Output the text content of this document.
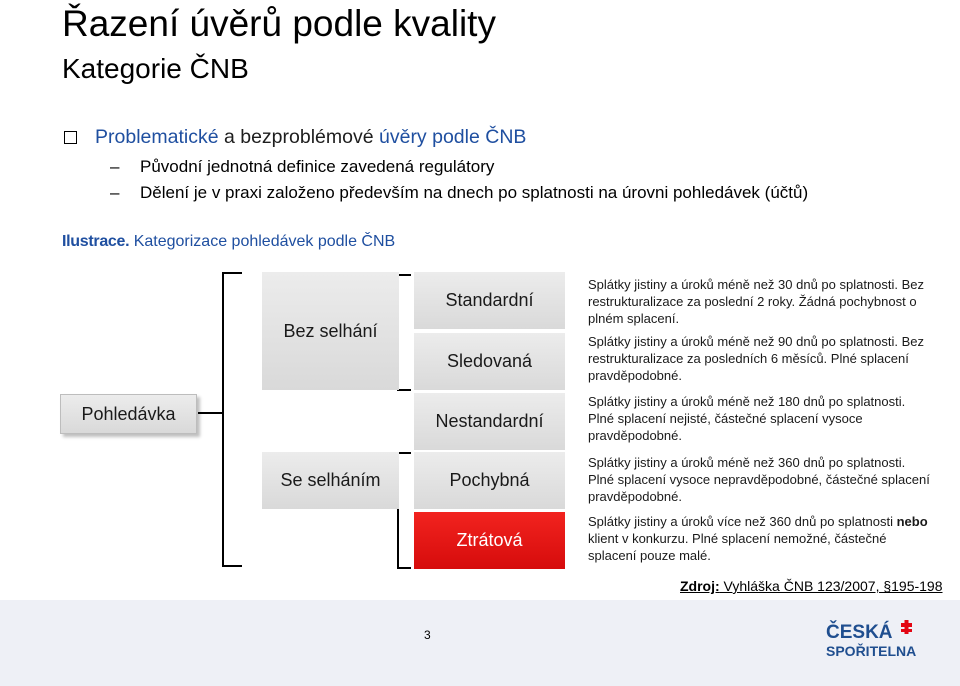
Řazení úvěrů podle kvality
Kategorie ČNB
Problematické a bezproblémové úvěry podle ČNB
–	Původní jednotná definice zavedená regulátory
–	Dělení je v praxi založeno především na dnech po splatnosti na úrovni pohledávek (účtů)
Ilustrace. Kategorizace pohledávek podle ČNB
Pohledávka
Bez selhání
Se selháním
Standardní
Sledovaná
Nestandardní
Pochybná
Ztrátová
Splátky jistiny a úroků méně než 30 dnů po splatnosti. Bez restrukturalizace za poslední 2 roky. Žádná pochybnost o plném splacení.
Splátky jistiny a úroků méně než 90 dnů po splatnosti. Bez restrukturalizace za posledních 6 měsíců. Plné splacení pravděpodobné.
Splátky jistiny a úroků méně než 180 dnů po splatnosti. Plné splacení nejisté, částečné splacení vysoce pravděpodobné.
Splátky jistiny a úroků méně než 360 dnů po splatnosti. Plné splacení vysoce nepravděpodobné, částečné splacení pravděpodobné.
Splátky jistiny a úroků více než 360 dnů po splatnosti nebo klient v konkurzu. Plné splacení nemožné, částečné splacení pouze malé.
Zdroj: Vyhláška ČNB 123/2007, §195-198
3	ČESKÁ
SPOŘITELNA
